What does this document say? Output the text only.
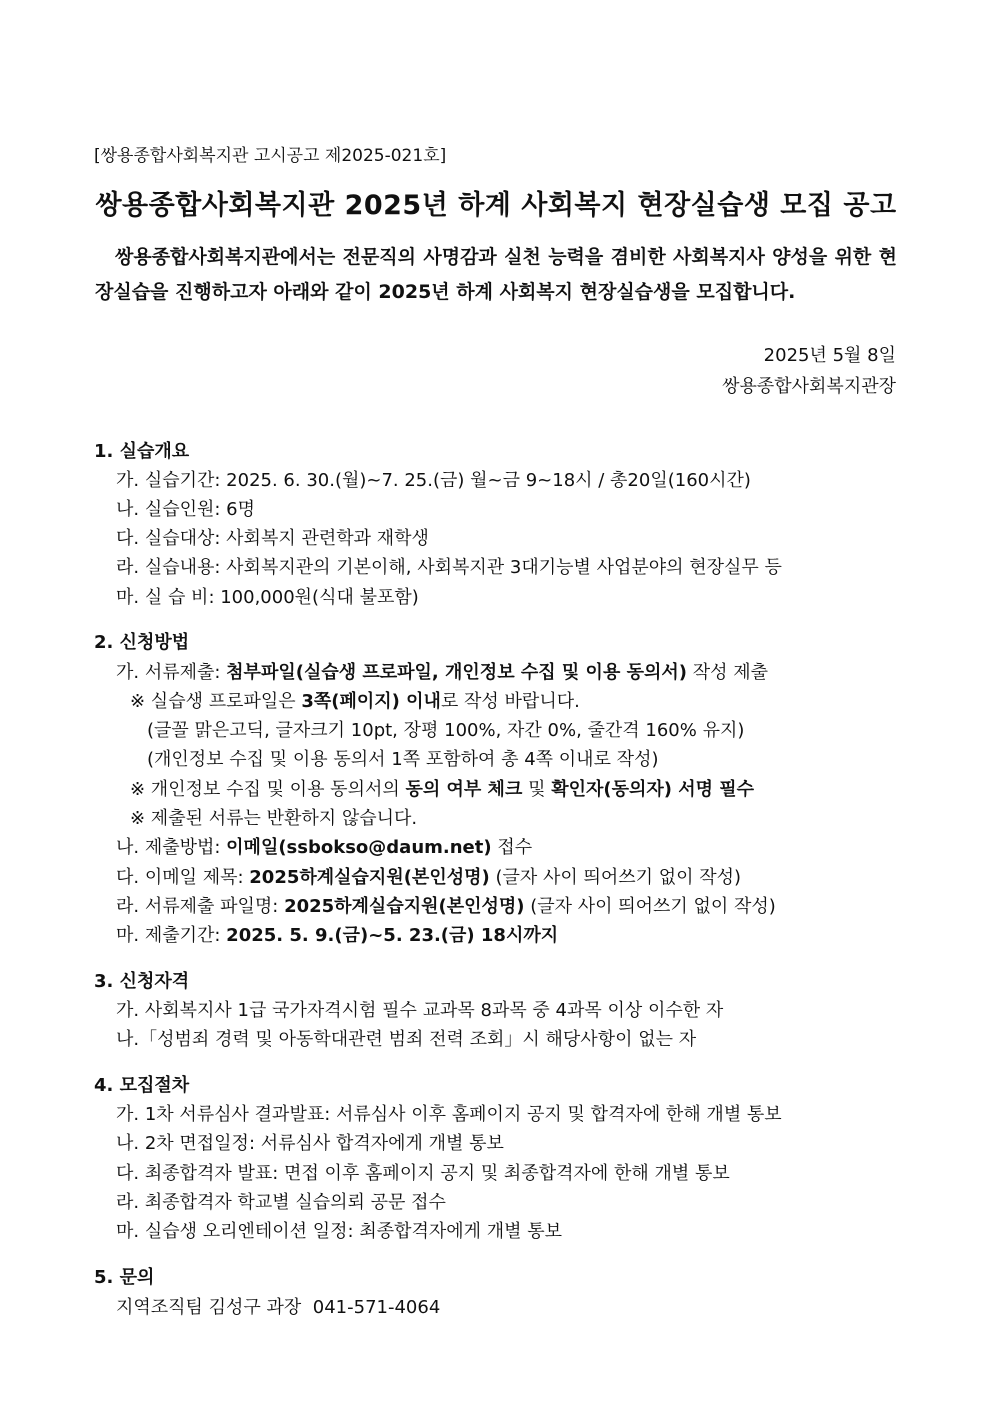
[쌍용종합사회복지관 고시공고 제2025-021호]
쌍용종합사회복지관 2025년 하계 사회복지 현장실습생 모집 공고
쌍용종합사회복지관에서는 전문직의 사명감과 실천 능력을 겸비한 사회복지사 양성을 위한 현장실습을 진행하고자 아래와 같이 2025년 하계 사회복지 현장실습생을 모집합니다.
2025년 5월 8일
쌍용종합사회복지관장
1. 실습개요
가. 실습기간: 2025. 6. 30.(월)~7. 25.(금) 월~금 9~18시 / 총20일(160시간)
나. 실습인원: 6명
다. 실습대상: 사회복지 관련학과 재학생
라. 실습내용: 사회복지관의 기본이해, 사회복지관 3대기능별 사업분야의 현장실무 등
마. 실 습 비: 100,000원(식대 불포함)
2. 신청방법
가. 서류제출: 첨부파일(실습생 프로파일, 개인정보 수집 및 이용 동의서) 작성 제출
※ 실습생 프로파일은 3쪽(페이지) 이내로 작성 바랍니다.
(글꼴 맑은고딕, 글자크기 10pt, 장평 100%, 자간 0%, 줄간격 160% 유지)
(개인정보 수집 및 이용 동의서 1쪽 포함하여 총 4쪽 이내로 작성)
※ 개인정보 수집 및 이용 동의서의 동의 여부 체크 및 확인자(동의자) 서명 필수
※ 제출된 서류는 반환하지 않습니다.
나. 제출방법: 이메일(ssbokso@daum.net) 접수
다. 이메일 제목: 2025하계실습지원(본인성명) (글자 사이 띄어쓰기 없이 작성)
라. 서류제출 파일명: 2025하계실습지원(본인성명) (글자 사이 띄어쓰기 없이 작성)
마. 제출기간: 2025. 5. 9.(금)~5. 23.(금) 18시까지
3. 신청자격
가. 사회복지사 1급 국가자격시험 필수 교과목 8과목 중 4과목 이상 이수한 자
나.「성범죄 경력 및 아동학대관련 범죄 전력 조회」시 해당사항이 없는 자
4. 모집절차
가. 1차 서류심사 결과발표: 서류심사 이후 홈페이지 공지 및 합격자에 한해 개별 통보
나. 2차 면접일정: 서류심사 합격자에게 개별 통보
다. 최종합격자 발표: 면접 이후 홈페이지 공지 및 최종합격자에 한해 개별 통보
라. 최종합격자 학교별 실습의뢰 공문 접수
마. 실습생 오리엔테이션 일정: 최종합격자에게 개별 통보
5. 문의
지역조직팀 김성구 과장  041-571-4064
